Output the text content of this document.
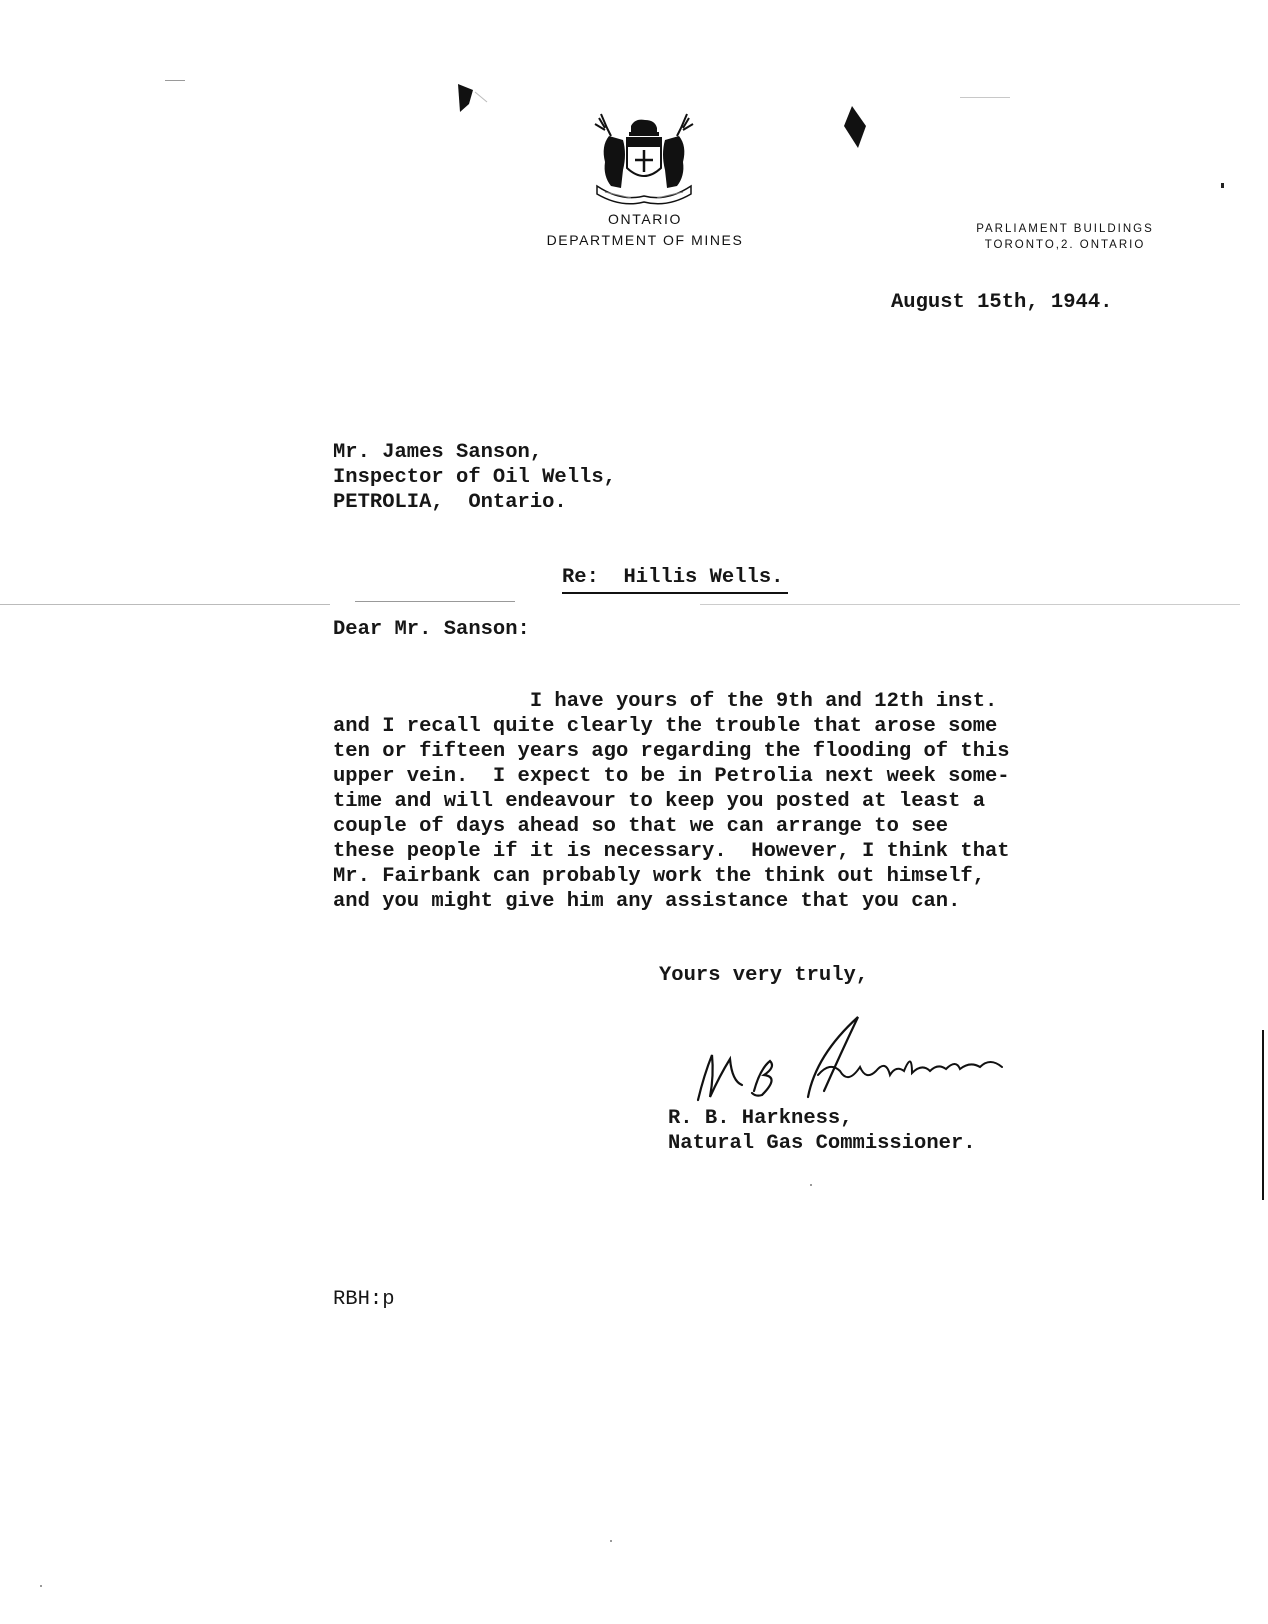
ONTARIO
DEPARTMENT OF MINES
PARLIAMENT BUILDINGS
TORONTO,2. ONTARIO
August 15th, 1944.
Mr. James Sanson,
Inspector of Oil Wells,
PETROLIA,  Ontario.
Re:  Hillis Wells.
Dear Mr. Sanson:
I have yours of the 9th and 12th inst.
and I recall quite clearly the trouble that arose some
ten or fifteen years ago regarding the flooding of this
upper vein.  I expect to be in Petrolia next week some-
time and will endeavour to keep you posted at least a
couple of days ahead so that we can arrange to see
these people if it is necessary.  However, I think that
Mr. Fairbank can probably work the think out himself,
and you might give him any assistance that you can.
Yours very truly,
R. B. Harkness,
Natural Gas Commissioner.
RBH:p
